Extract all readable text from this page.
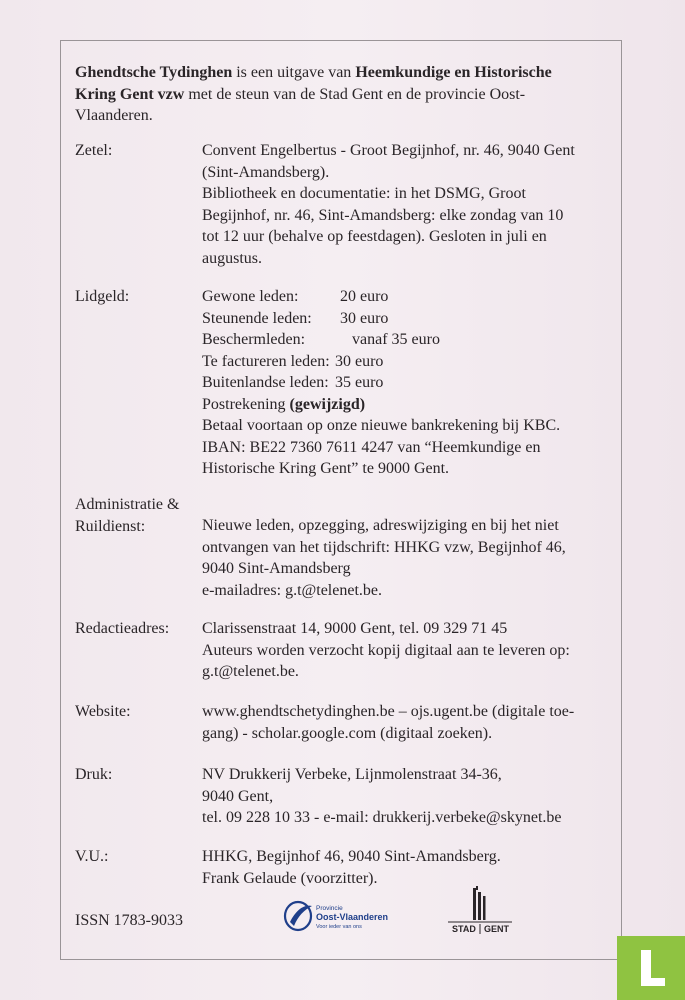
Ghendtsche Tydinghen is een uitgave van Heemkundige en Historische Kring Gent vzw met de steun van de Stad Gent en de provincie Oost-Vlaanderen.
Zetel:	Convent Engelbertus - Groot Begijnhof, nr. 46, 9040 Gent
(Sint-Amandsberg).
Bibliotheek en documentatie: in het DSMG, Groot
Begijnhof, nr. 46, Sint-Amandsberg: elke zondag van 10
tot 12 uur (behalve op feestdagen). Gesloten in juli en
augustus.
Lidgeld:	Gewone leden:	20 euro
Steunende leden:	30 euro
Beschermleden:	vanaf 35 euro
Te factureren leden: 30 euro
Buitenlandse leden: 35 euro
Postrekening (gewijzigd)
Betaal voortaan op onze nieuwe bankrekening bij KBC.
IBAN: BE22 7360 7611 4247 van “Heemkundige en
Historische Kring Gent” te 9000 Gent.
Administratie &
Ruildienst:	Nieuwe leden, opzegging, adreswijziging en bij het niet
ontvangen van het tijdschrift: HHKG vzw, Begijnhof 46,
9040 Sint-Amandsberg
e-mailadres: g.t@telenet.be.
Redactieadres:	Clarissenstraat 14, 9000 Gent, tel. 09 329 71 45
Auteurs worden verzocht kopij digitaal aan te leveren op:
g.t@telenet.be.
Website:	www.ghendtschetydinghen.be – ojs.ugent.be (digitale toe-
gang) - scholar.google.com (digitaal zoeken).
Druk:	NV Drukkerij Verbeke, Lijnmolenstraat 34-36,
9040 Gent,
tel. 09 228 10 33 - e-mail: drukkerij.verbeke@skynet.be
V.U.:	HHKG, Begijnhof 46, 9040 Sint-Amandsberg.
Frank Gelaude (voorzitter).
ISSN 1783-9033
Provincie
Oost-Vlaanderen
Voor ieder van ons	STAD GENT
